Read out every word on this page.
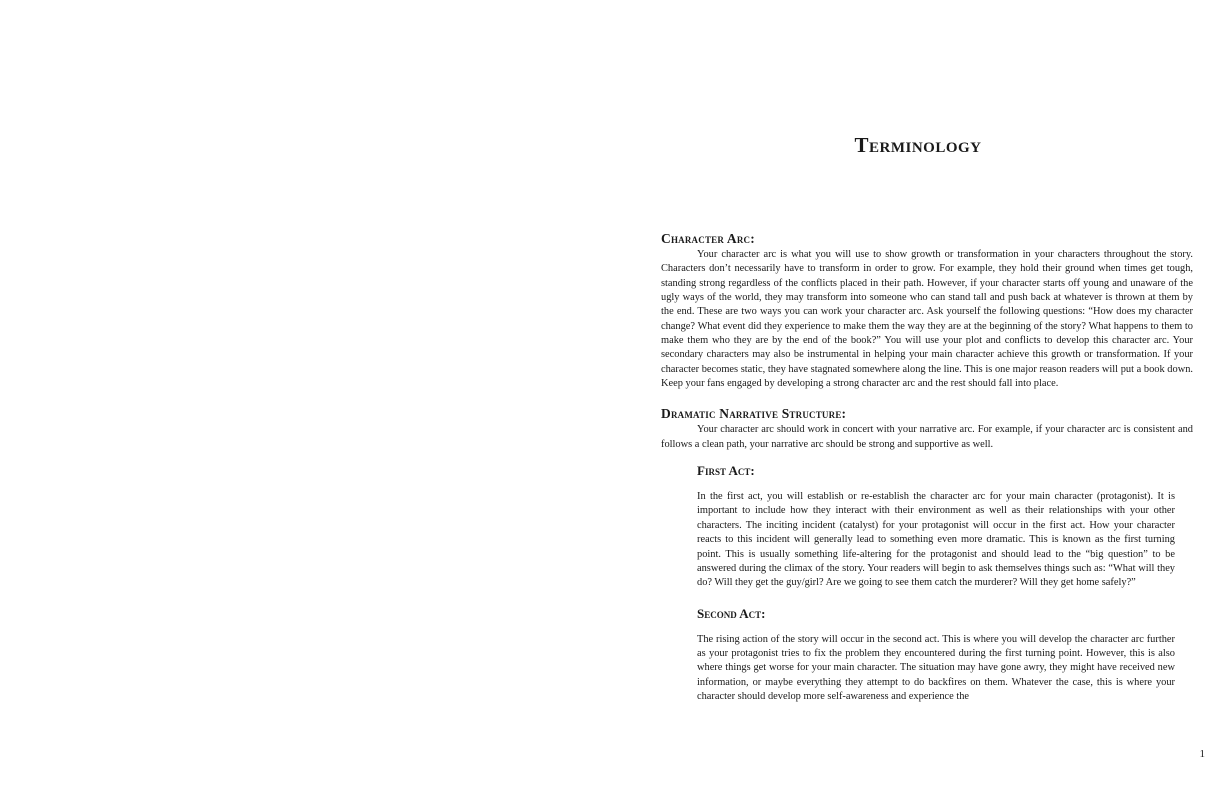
Terminology
Character Arc:

Your character arc is what you will use to show growth or transformation in your characters throughout the story. Characters don’t necessarily have to transform in order to grow. For example, they hold their ground when times get tough, standing strong regardless of the conflicts placed in their path. However, if your character starts off young and unaware of the ugly ways of the world, they may transform into someone who can stand tall and push back at whatever is thrown at them by the end. These are two ways you can work your character arc. Ask yourself the following questions: “How does my character change? What event did they experience to make them the way they are at the beginning of the story? What happens to them to make them who they are by the end of the book?” You will use your plot and conflicts to develop this character arc. Your secondary characters may also be instrumental in helping your main character achieve this growth or transformation. If your character becomes static, they have stagnated somewhere along the line. This is one major reason readers will put a book down. Keep your fans engaged by developing a strong character arc and the rest should fall into place.

Dramatic Narrative Structure:

Your character arc should work in concert with your narrative arc. For example, if your character arc is consistent and follows a clean path, your narrative arc should be strong and supportive as well.

First Act:

In the first act, you will establish or re-establish the character arc for your main character (protagonist). It is important to include how they interact with their environment as well as their relationships with your other characters. The inciting incident (catalyst) for your protagonist will occur in the first act. How your character reacts to this incident will generally lead to something even more dramatic. This is known as the first turning point. This is usually something life-altering for the protagonist and should lead to the “big question” to be answered during the climax of the story. Your readers will begin to ask themselves things such as: “What will they do? Will they get the guy/girl? Are we going to see them catch the murderer? Will they get home safely?”

Second Act:

The rising action of the story will occur in the second act. This is where you will develop the character arc further as your protagonist tries to fix the problem they encountered during the first turning point. However, this is also where things get worse for your main character. The situation may have gone awry, they might have received new information, or maybe everything they attempt to do backfires on them. Whatever the case, this is where your character should develop more self-awareness and experience the

1
